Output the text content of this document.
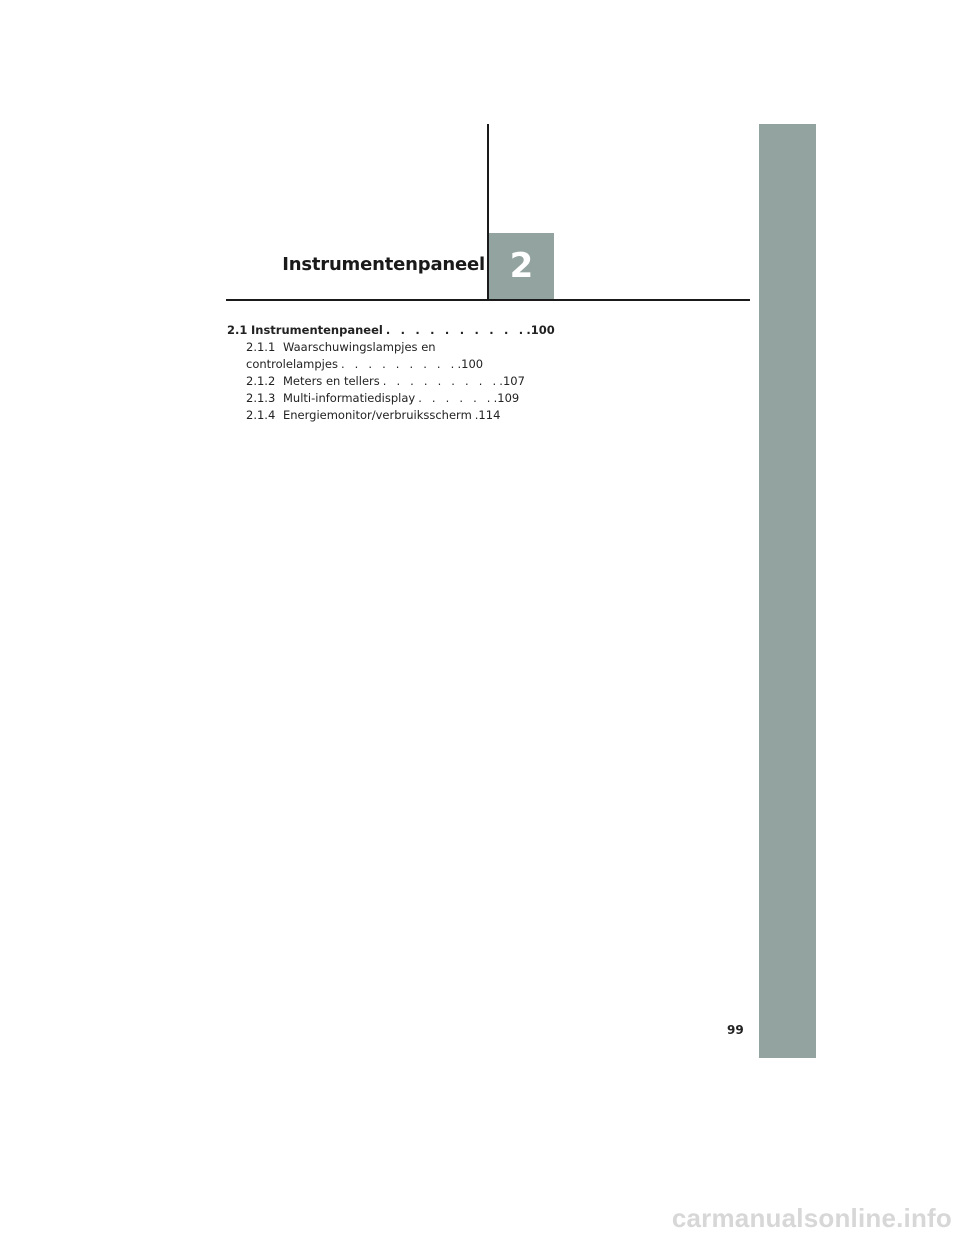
Instrumentenpaneel 2
2.1 Instrumentenpaneel . . . . . . . . . . .100
2.1.1 Waarschuwingslampjes en
controlelampjes . . . . . . . . . .100
2.1.2 Meters en tellers . . . . . . . . . .107
2.1.3 Multi-informatiedisplay . . . . . . .109
2.1.4 Energiemonitor/verbruiksscherm .114
99
carmanualsonline.info
